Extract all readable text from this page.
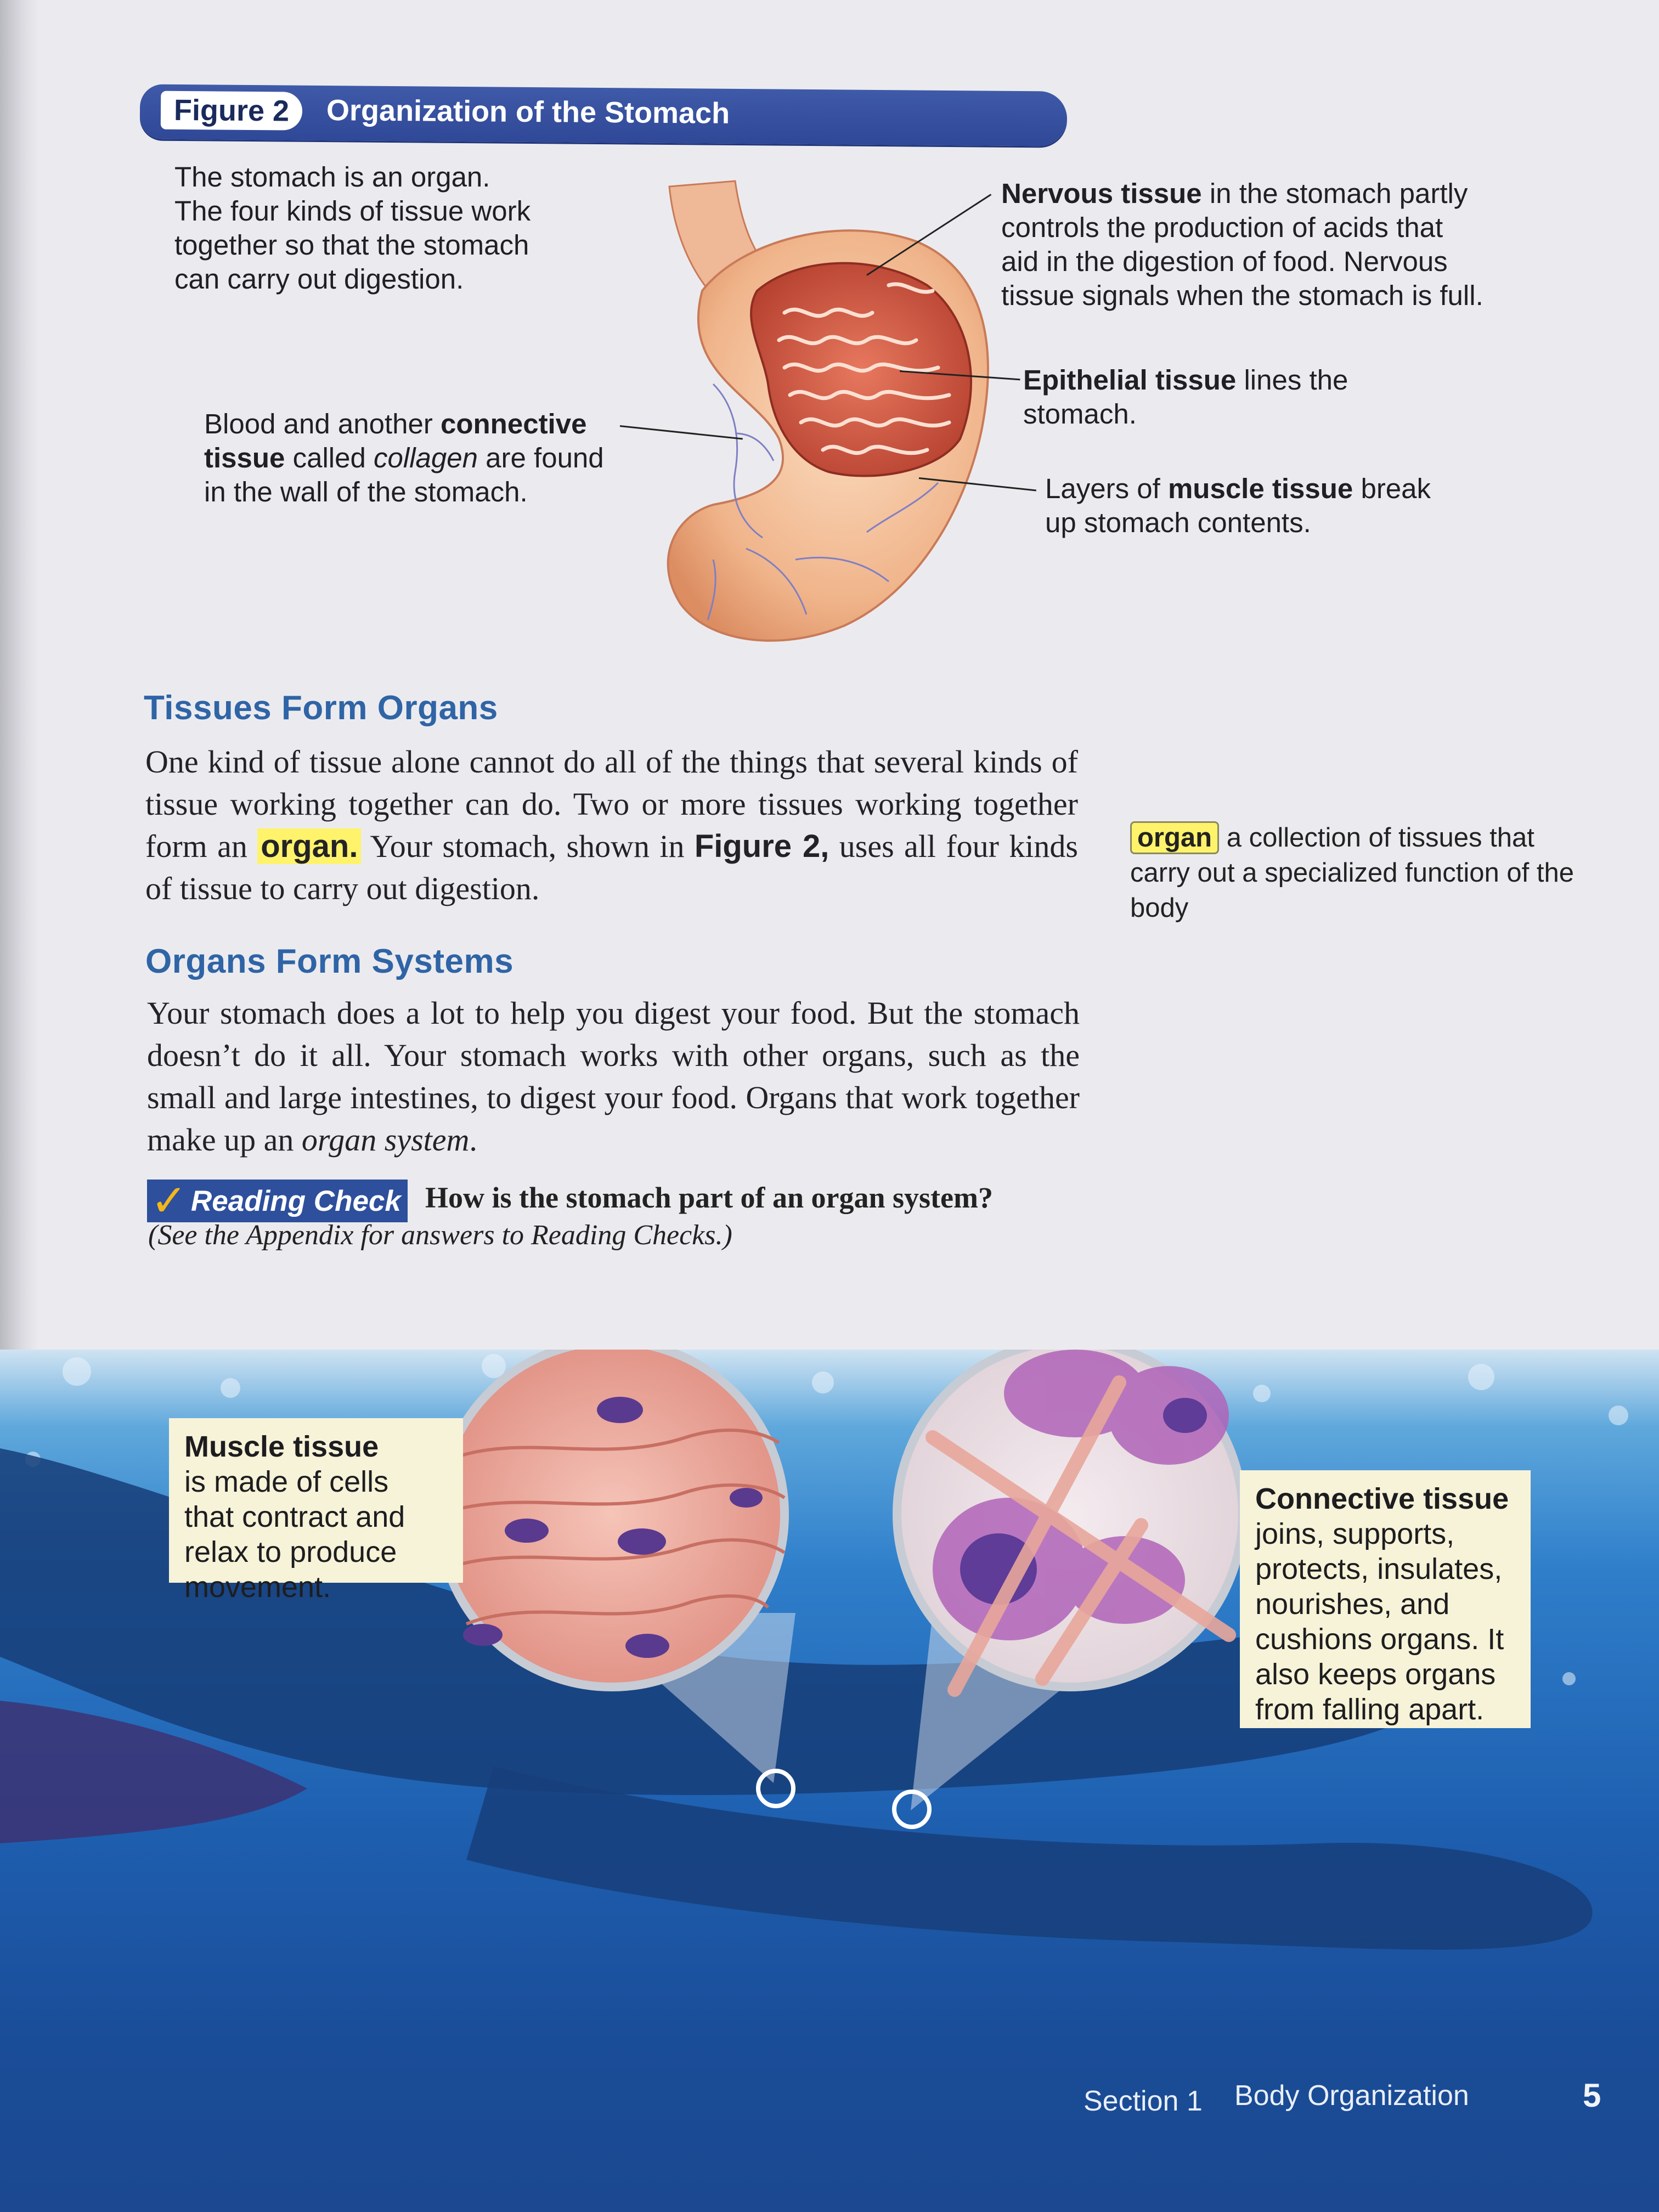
Figure 2	Organization of the Stomach
The stomach is an organ.
The four kinds of tissue work
together so that the stomach
can carry out digestion.
Nervous tissue in the stomach partly
controls the production of acids that
aid in the digestion of food. Nervous
tissue signals when the stomach is full.
Epithelial tissue lines the
stomach.
Blood and another connective
tissue called collagen are found
in the wall of the stomach.	Layers of muscle tissue break
up stomach contents.
Tissues Form Organs
One kind of tissue alone cannot do all of the things that several kinds of tissue working together can do. Two or more tissues working together form an organ. Your stomach, shown in Figure 2, uses all four kinds of tissue to carry out digestion.
organ a collection of tissues that carry out a specialized function of the body
Organs Form Systems
Your stomach does a lot to help you digest your food. But the stomach doesn’t do it all. Your stomach works with other organs, such as the small and large intestines, to digest your food. Organs that work together make up an organ system.
✓ Reading Check How is the stomach part of an organ system?
(See the Appendix for answers to Reading Checks.)
Muscle tissue
is made of cells
that contract and
relax to produce
movement.
Connective tissue
joins, supports,
protects, insulates,
nourishes, and
cushions organs. It
also keeps organs
from falling apart.
Section 1 Body Organization	5
